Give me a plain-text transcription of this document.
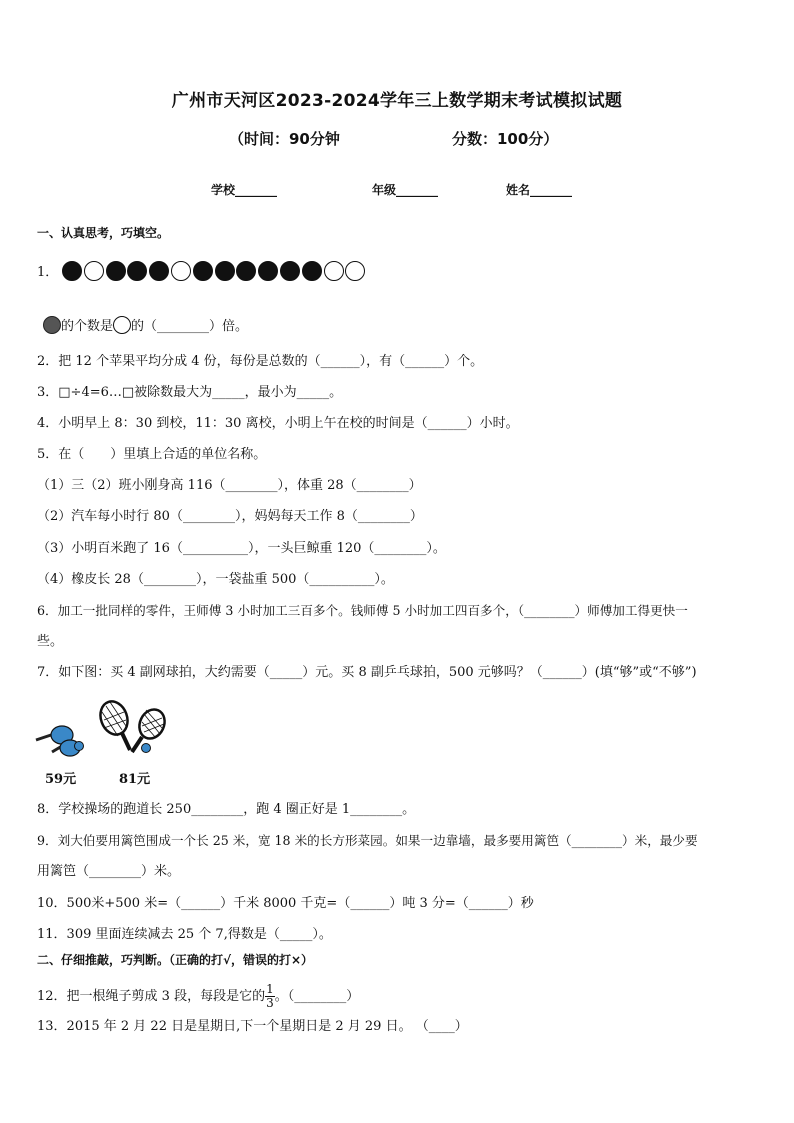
广州市天河区2023-2024学年三上数学期末考试模拟试题
（时间：90分钟	分数：100分）
学校_______	年级_______	姓名_______
一、认真思考，巧填空。
1．
的个数是 的（________）倍。
2．把 12 个苹果平均分成 4 份，每份是总数的（______），有（______）个。
3．□÷4=6…□被除数最大为_____，最小为_____。
4．小明早上 8：30 到校，11：30 离校，小明上午在校的时间是（______）小时。
5．在（　　）里填上合适的单位名称。
（1）三（2）班小刚身高 116（________），体重 28（________）
（2）汽车每小时行 80（________），妈妈每天工作 8（________）
（3）小明百米跑了 16（__________），一头巨鲸重 120（________）。
（4）橡皮长 28（________），一袋盐重 500（__________）。
6．加工一批同样的零件，王师傅 3 小时加工三百多个。钱师傅 5 小时加工四百多个，（________）师傅加工得更快一
些。
7．如下图：买 4 副网球拍，大约需要（_____）元。买 8 副乒乓球拍，500 元够吗？（______）(填“够”或“不够”)
59元	81元
8．学校操场的跑道长 250________，跑 4 圈正好是 1________。
9．刘大伯要用篱笆围成一个长 25 米，宽 18 米的长方形菜园。如果一边靠墙，最多要用篱笆（________）米，最少要
用篱笆（________）米。
10．500米+500 米=（______）千米 8000 千克=（______）吨 3 分=（______）秒
11．309 里面连续减去 25 个 7,得数是（_____）。
二、仔细推敲，巧判断。（正确的打√，错误的打×）
12．把一根绳子剪成 3 段，每段是它的 $\frac{1}{3}$ 。（________）
13．2015 年 2 月 22 日是星期日,下一个星期日是 2 月 29 日。 （____）
